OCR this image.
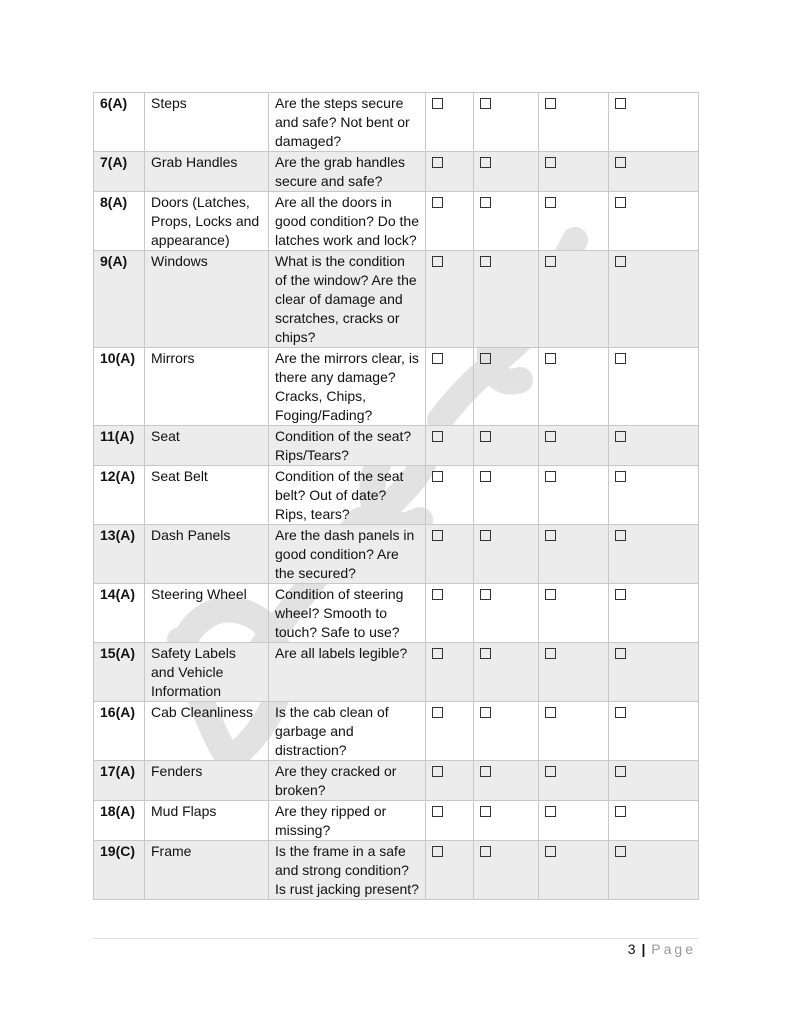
6(A)	Steps	Are the steps secure and safe? Not bent or damaged?				
7(A)	Grab Handles	Are the grab handles secure and safe?				
8(A)	Doors (Latches, Props, Locks and appearance)	Are all the doors in good condition? Do the latches work and lock?				
9(A)	Windows	What is the condition of the window? Are the clear of damage and scratches, cracks or chips?				
10(A)	Mirrors	Are the mirrors clear, is there any damage? Cracks, Chips, Foging/Fading?				
11(A)	Seat	Condition of the seat? Rips/Tears?				
12(A)	Seat Belt	Condition of the seat belt? Out of date? Rips, tears?				
13(A)	Dash Panels	Are the dash panels in good condition? Are the secured?				
14(A)	Steering Wheel	Condition of steering wheel? Smooth to touch? Safe to use?				
15(A)	Safety Labels and Vehicle Information	Are all labels legible?				
16(A)	Cab Cleanliness	Is the cab clean of garbage and distraction?				
17(A)	Fenders	Are they cracked or broken?				
18(A)	Mud Flaps	Are they ripped or missing?				
19(C)	Frame	Is the frame in a safe and strong condition? Is rust jacking present?				
3 | Page
